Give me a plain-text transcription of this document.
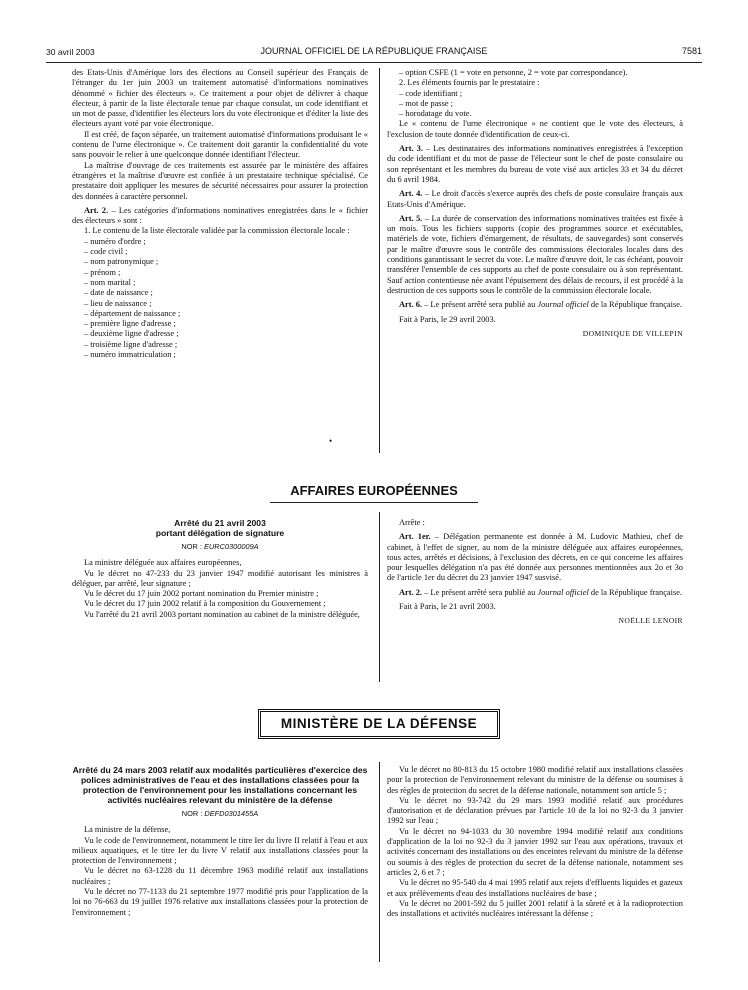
30 avril 2003	JOURNAL OFFICIEL DE LA RÉPUBLIQUE FRANÇAISE	7581

des Etats-Unis d'Amérique lors des élections au Conseil supérieur des Français de l'étranger du 1er juin 2003 un traitement automatisé d'informations nominatives dénommé « fichier des électeurs ». Ce traitement a pour objet de délivrer à chaque électeur, à partir de la liste électorale tenue par chaque consulat, un code identifiant et un mot de passe, d'identifier les électeurs lors du vote électronique et d'éditer la liste des électeurs ayant voté par voie électronique.

Il est créé, de façon séparée, un traitement automatisé d'informations produisant le « contenu de l'urne électronique ». Ce traitement doit garantir la confidentialité du vote sans pouvoir le relier à une quelconque donnée identifiant l'électeur.

La maîtrise d'ouvrage de ces traitements est assurée par le ministère des affaires étrangères et la maîtrise d'œuvre est confiée à un prestataire technique spécialisé. Ce prestataire doit appliquer les mesures de sécurité nécessaires pour assurer la protection des données à caractère personnel.

Art. 2. – Les catégories d'informations nominatives enregistrées dans le « fichier des électeurs » sont :

1. Le contenu de la liste électorale validée par la commission électorale locale :

– numéro d'ordre ;

– code civil ;

– nom patronymique ;

– prénom ;

– nom marital ;

– date de naissance ;

– lieu de naissance ;

– département de naissance ;

– première ligne d'adresse ;

– deuxième ligne d'adresse ;

– troisième ligne d'adresse ;

– numéro immatriculation ;

•

– option CSFE (1 = vote en personne, 2 = vote par correspondance).

2. Les éléments fournis par le prestataire :

– code identifiant ;

– mot de passe ;

– horodatage du vote.

Le « contenu de l'urne électronique » ne contient que le vote des électeurs, à l'exclusion de toute donnée d'identification de ceux-ci.

Art. 3. – Les destinataires des informations nominatives enregistrées à l'exception du code identifiant et du mot de passe de l'électeur sont le chef de poste consulaire ou son représentant et les membres du bureau de vote visé aux articles 33 et 34 du décret du 6 avril 1984.

Art. 4. – Le droit d'accès s'exerce auprès des chefs de poste consulaire français aux Etats-Unis d'Amérique.

Art. 5. – La durée de conservation des informations nominatives traitées est fixée à un mois. Tous les fichiers supports (copie des programmes source et exécutables, matériels de vote, fichiers d'émargement, de résultats, de sauvegardes) sont conservés par le maître d'œuvre sous le contrôle des commissions électorales locales dans des conditions garantissant le secret du vote. Le maître d'œuvre doit, le cas échéant, pouvoir transférer l'ensemble de ces supports au chef de poste consulaire ou à son représentant. Sauf action contentieuse née avant l'épuisement des délais de recours, il est procédé à la destruction de ces supports sous le contrôle de la commission électorale locale.

Art. 6. – Le présent arrêté sera publié au Journal officiel de la République française.

Fait à Paris, le 29 avril 2003.

DOMINIQUE DE VILLEPIN

AFFAIRES EUROPÉENNES

Arrêté du 21 avril 2003

portant délégation de signature

NOR : EURC0300009A

La ministre déléguée aux affaires européennes,

Vu le décret no 47-233 du 23 janvier 1947 modifié autorisant les ministres à déléguer, par arrêté, leur signature ;

Vu le décret du 17 juin 2002 portant nomination du Premier ministre ;

Vu le décret du 17 juin 2002 relatif à la composition du Gouvernement ;

Vu l'arrêté du 21 avril 2003 portant nomination au cabinet de la ministre déléguée,

Arrête :

Art. 1er. – Délégation permanente est donnée à M. Ludovic Mathieu, chef de cabinet, à l'effet de signer, au nom de la ministre déléguée aux affaires européennes, tous actes, arrêtés et décisions, à l'exclusion des décrets, en ce qui concerne les affaires pour lesquelles délégation n'a pas été donnée aux personnes mentionnées aux 2o et 3o de l'article 1er du décret du 23 janvier 1947 susvisé.

Art. 2. – Le présent arrêté sera publié au Journal officiel de la République française.

Fait à Paris, le 21 avril 2003.

NOËLLE LENOIR

MINISTÈRE DE LA DÉFENSE

Arrêté du 24 mars 2003 relatif aux modalités particulières d'exercice des polices administratives de l'eau et des installations classées pour la protection de l'environnement pour les installations concernant les activités nucléaires relevant du ministère de la défense

NOR : DEFD0301455A

La ministre de la défense,

Vu le code de l'environnement, notamment le titre Ier du livre II relatif à l'eau et aux milieux aquatiques, et le titre Ier du livre V relatif aux installations classées pour la protection de l'environnement ;

Vu le décret no 63-1228 du 11 décembre 1963 modifié relatif aux installations nucléaires ;

Vu le décret no 77-1133 du 21 septembre 1977 modifié pris pour l'application de la loi no 76-663 du 19 juillet 1976 relative aux installations classées pour la protection de l'environnement ;

Vu le décret no 80-813 du 15 octobre 1980 modifié relatif aux installations classées pour la protection de l'environnement relevant du ministre de la défense ou soumises à des règles de protection du secret de la défense nationale, notamment son article 5 ;

Vu le décret no 93-742 du 29 mars 1993 modifié relatif aux procédures d'autorisation et de déclaration prévues par l'article 10 de la loi no 92-3 du 3 janvier 1992 sur l'eau ;

Vu le décret no 94-1033 du 30 novembre 1994 modifié relatif aux conditions d'application de la loi no 92-3 du 3 janvier 1992 sur l'eau aux opérations, travaux et activités concernant des installations ou des enceintes relevant du ministre de la défense ou soumis à des règles de protection du secret de la défense nationale, notamment ses articles 2, 6 et 7 ;

Vu le décret no 95-540 du 4 mai 1995 relatif aux rejets d'effluents liquides et gazeux et aux prélèvements d'eau des installations nucléaires de base ;

Vu le décret no 2001-592 du 5 juillet 2001 relatif à la sûreté et à la radioprotection des installations et activités nucléaires intéressant la défense ;
